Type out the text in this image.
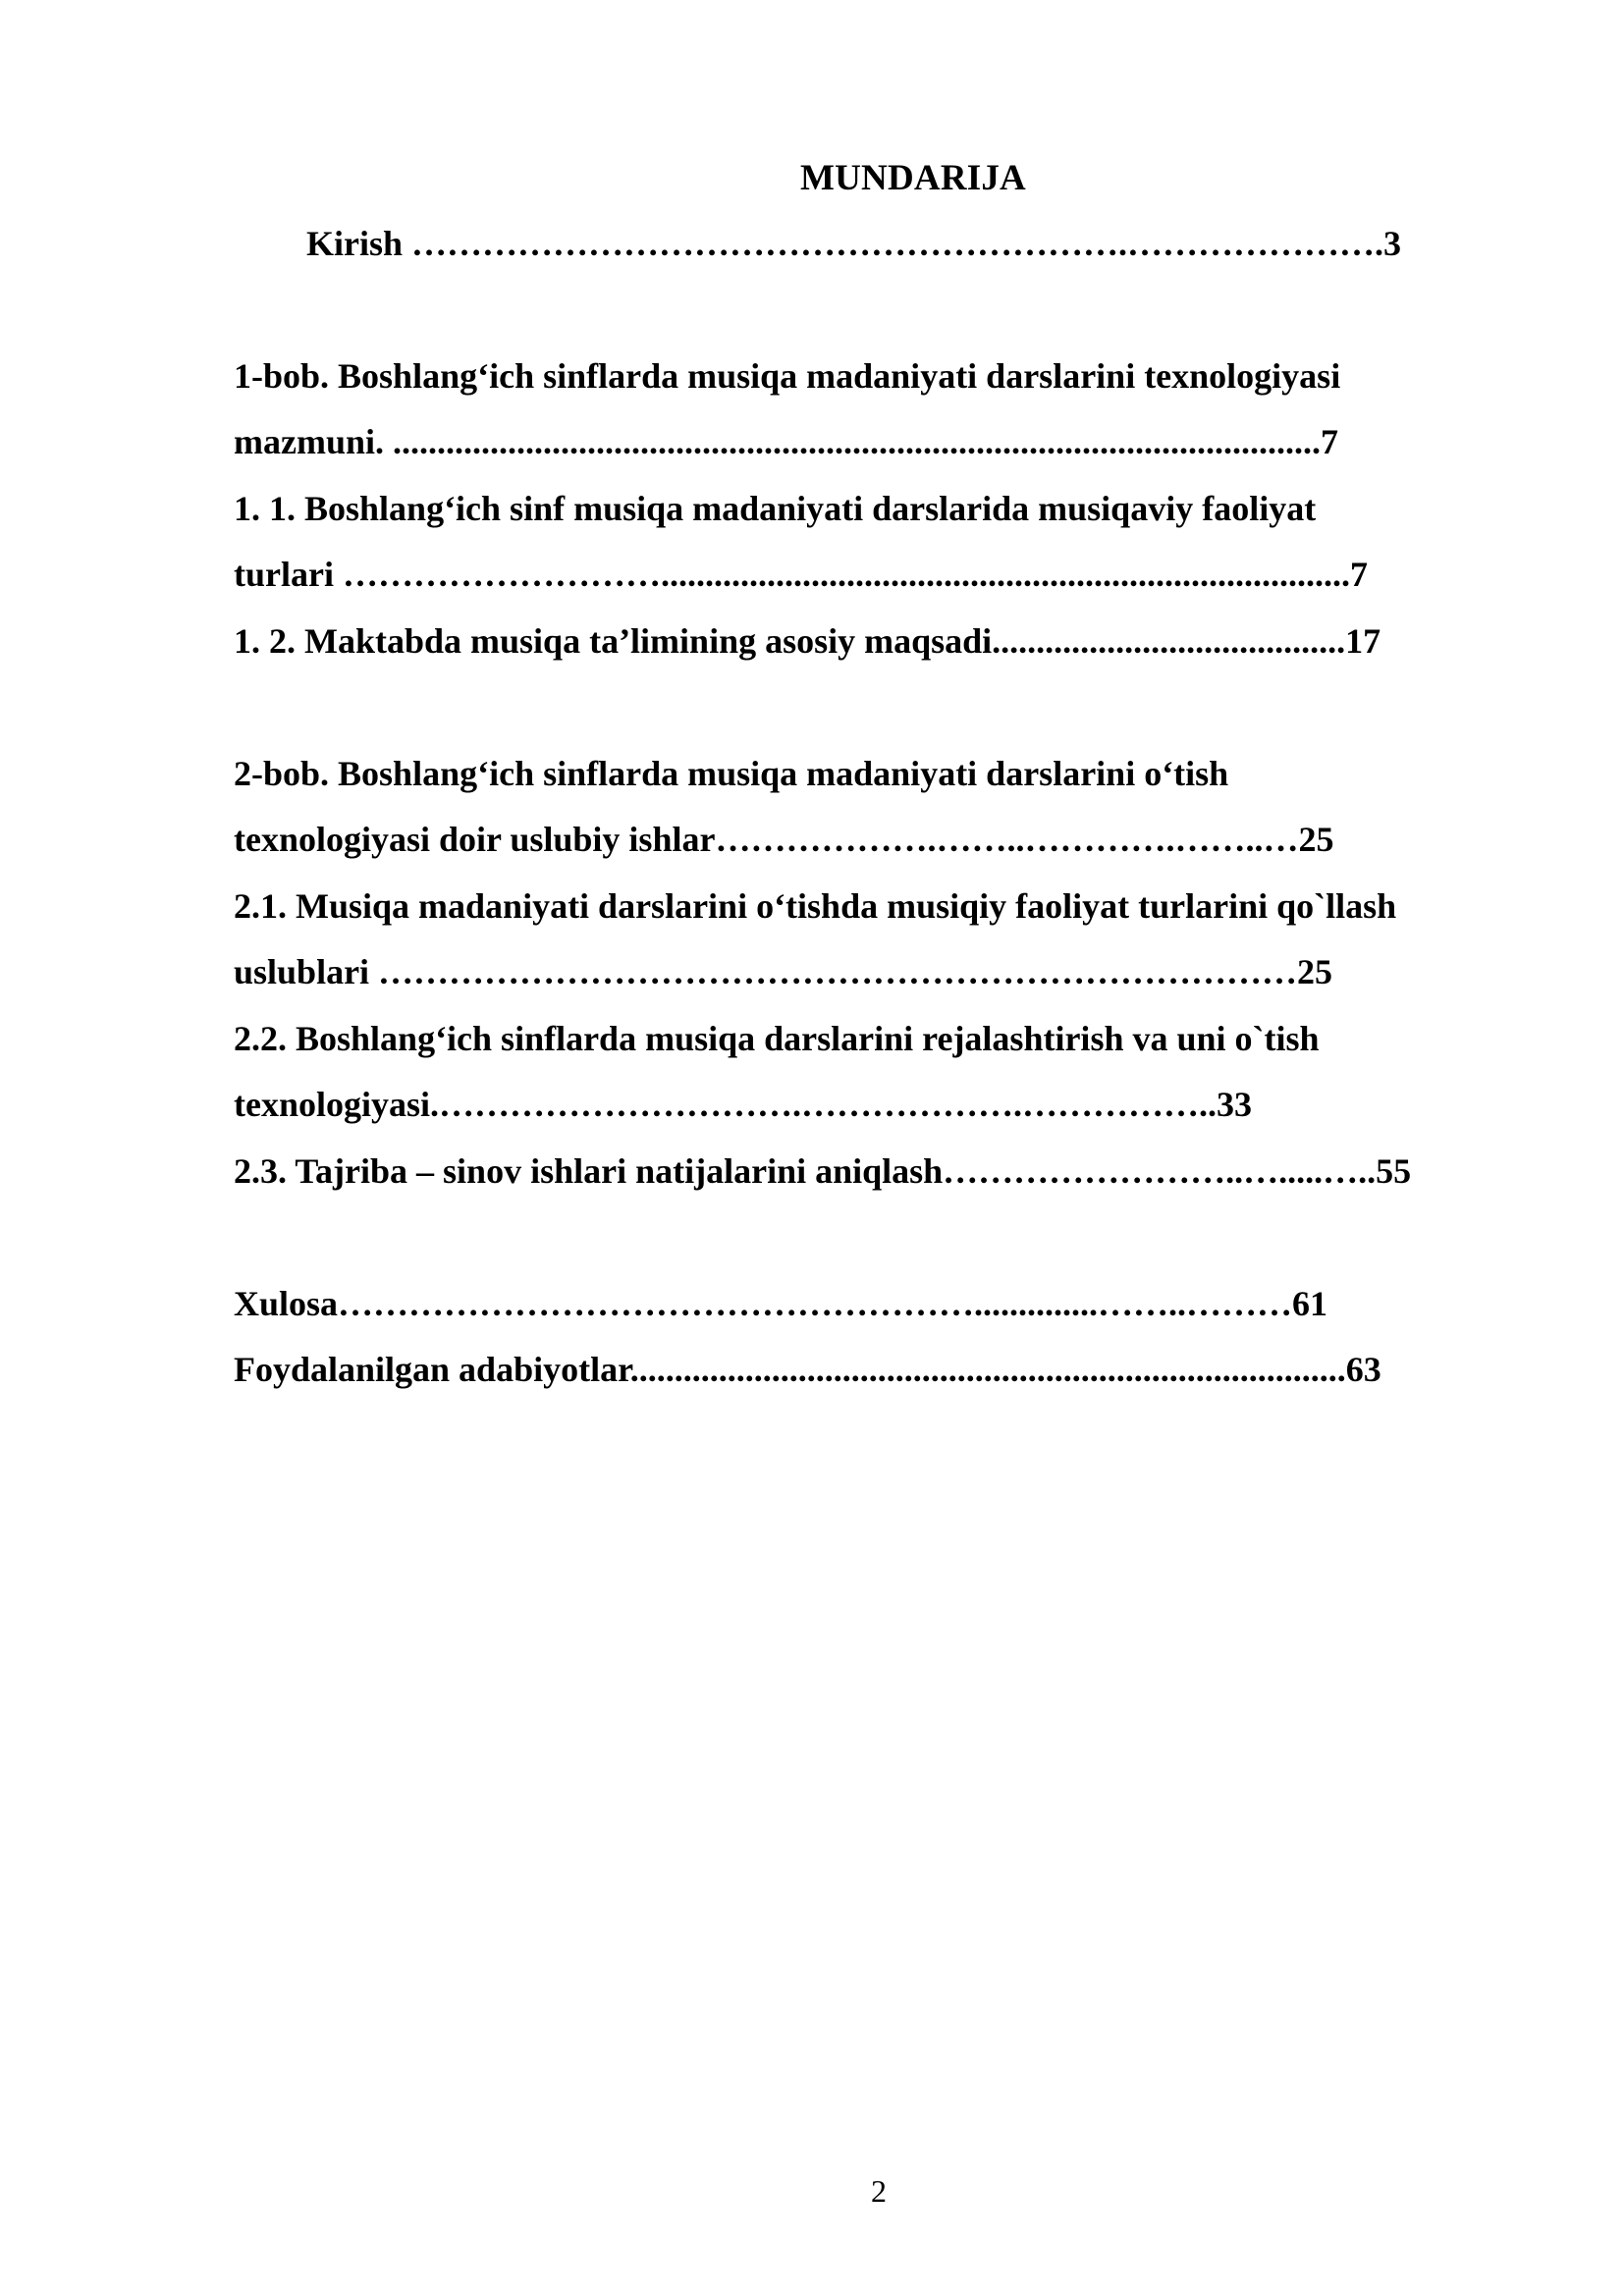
MUNDARIJA
Kirish …………………………………………………….………………….3
1-bob. Boshlang‘ich sinflarda musiqa madaniyati darslarini texnologiyasi
mazmuni. .........................................................................................................7
1. 1. Boshlang‘ich sinf musiqa madaniyati darslarida musiqaviy faoliyat
turlari ………………………..............................................................................7
1. 2. Maktabda musiqa ta’limining asosiy maqsadi........................................17
2-bob. Boshlang‘ich sinflarda musiqa madaniyati darslarini o‘tish
texnologiyasi doir uslubiy ishlar……………….……..………….……..…25
2.1. Musiqa madaniyati darslarini o‘tishda musiqiy faoliyat turlarini qo`llash
uslublari ……………………………………………………………………25
2.2. Boshlang‘ich sinflarda musiqa darslarini rejalashtirish va uni o`tish
texnologiyasi.………………………….……………….……………..33
2.3. Tajriba – sinov ishlari natijalarini aniqlash……………………..….....…..55
Xulosa………………………………………………..............……..………61
Foydalanilgan adabiyotlar.................................................................................63
2
